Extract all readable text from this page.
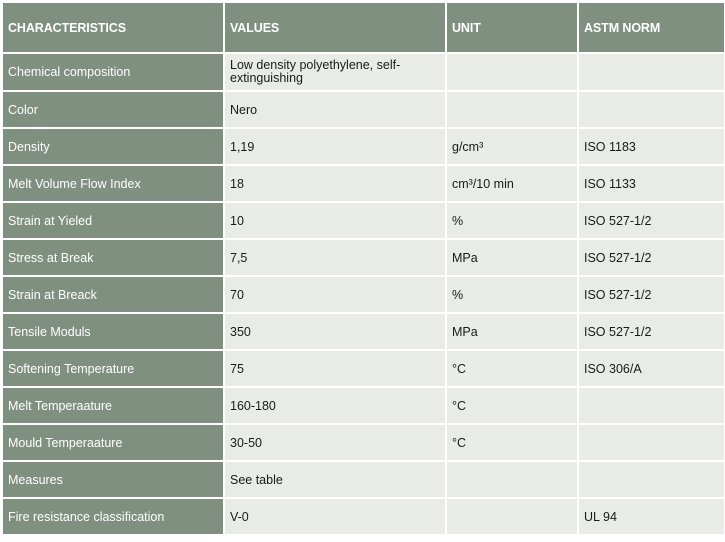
CHARACTERISTICS	VALUES	UNIT	ASTM NORM
Chemical composition	Low density polyethylene, self-extinguishing		
Color	Nero		
Density	1,19	g/cm³	ISO 1183
Melt Volume Flow Index	18	cm³/10 min	ISO 1133
Strain at Yieled	10	%	ISO 527-1/2
Stress at Break	7,5	MPa	ISO 527-1/2
Strain at Breack	70	%	ISO 527-1/2
Tensile Moduls	350	MPa	ISO 527-1/2
Softening Temperature	75	°C	ISO 306/A
Melt Temperaature	160-180	°C	
Mould Temperaature	30-50	°C	
Measures	See table		
Fire resistance classification	V-0		UL 94
